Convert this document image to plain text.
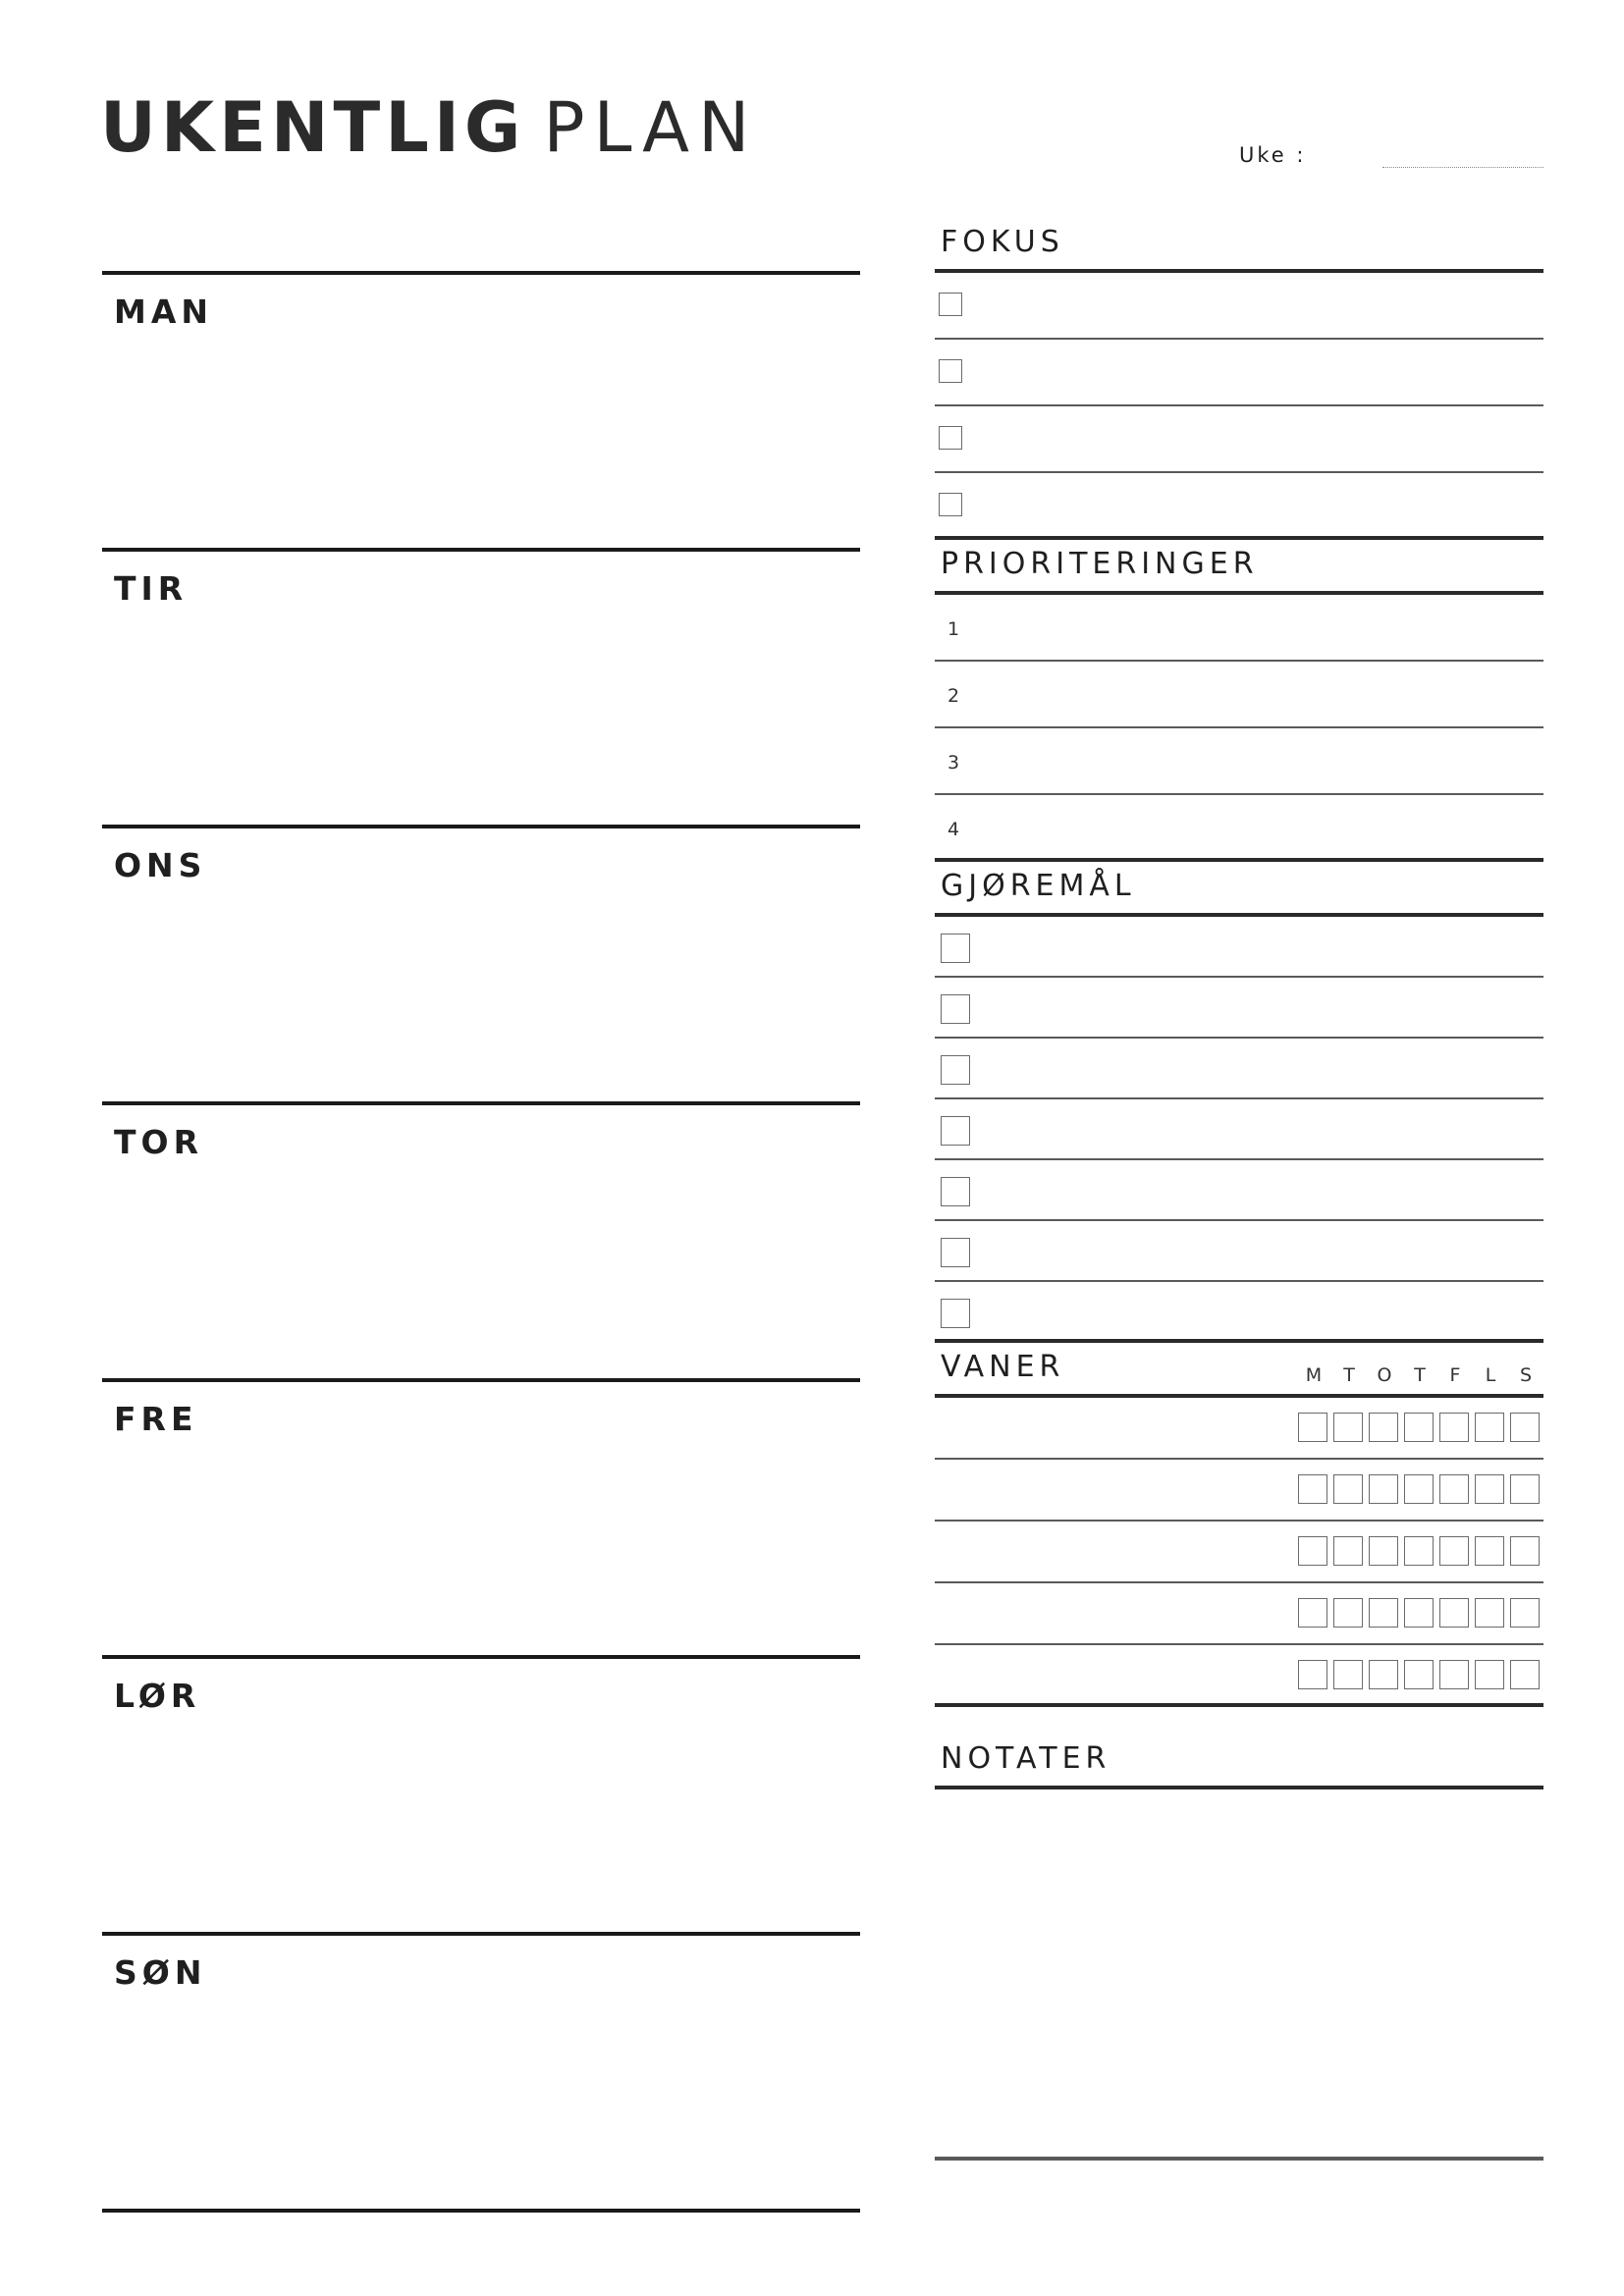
UKENTLIG PLAN	Uke :
MAN
TIR
ONS
TOR
FRE
LØR
SØN
FOKUS
PRIORITERINGER
1
2
3
4
GJØREMÅL
VANER	M	T	O	T	F	L	S
NOTATER
